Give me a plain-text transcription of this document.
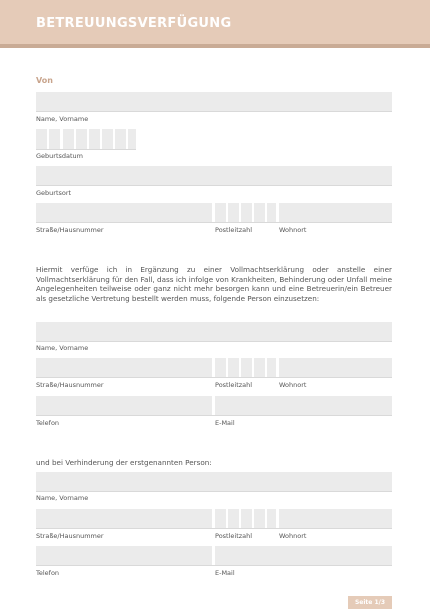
BETREUUNGSVERFÜGUNG
Von
Name, Vorname
Geburtsdatum
Geburtsort
Straße/Hausnummer	Postleitzahl	Wohnort
Hiermit verfüge ich in Ergänzung zu einer Vollmachtserklärung oder anstelle einer Vollmachtserklärung für den Fall, dass ich infolge von Krankheiten, Behinderung oder Unfall meine Angelegenheiten teilweise oder ganz nicht mehr besorgen kann und eine Betreuerin/ein Betreuer als gesetzliche Vertretung bestellt werden muss, folgende Person einzusetzen:
Name, Vorname
Straße/Hausnummer	Postleitzahl	Wohnort
Telefon	E-Mail
und bei Verhinderung der erstgenannten Person:
Name, Vorname
Straße/Hausnummer	Postleitzahl	Wohnort
Telefon	E-Mail
Seite 1/3
